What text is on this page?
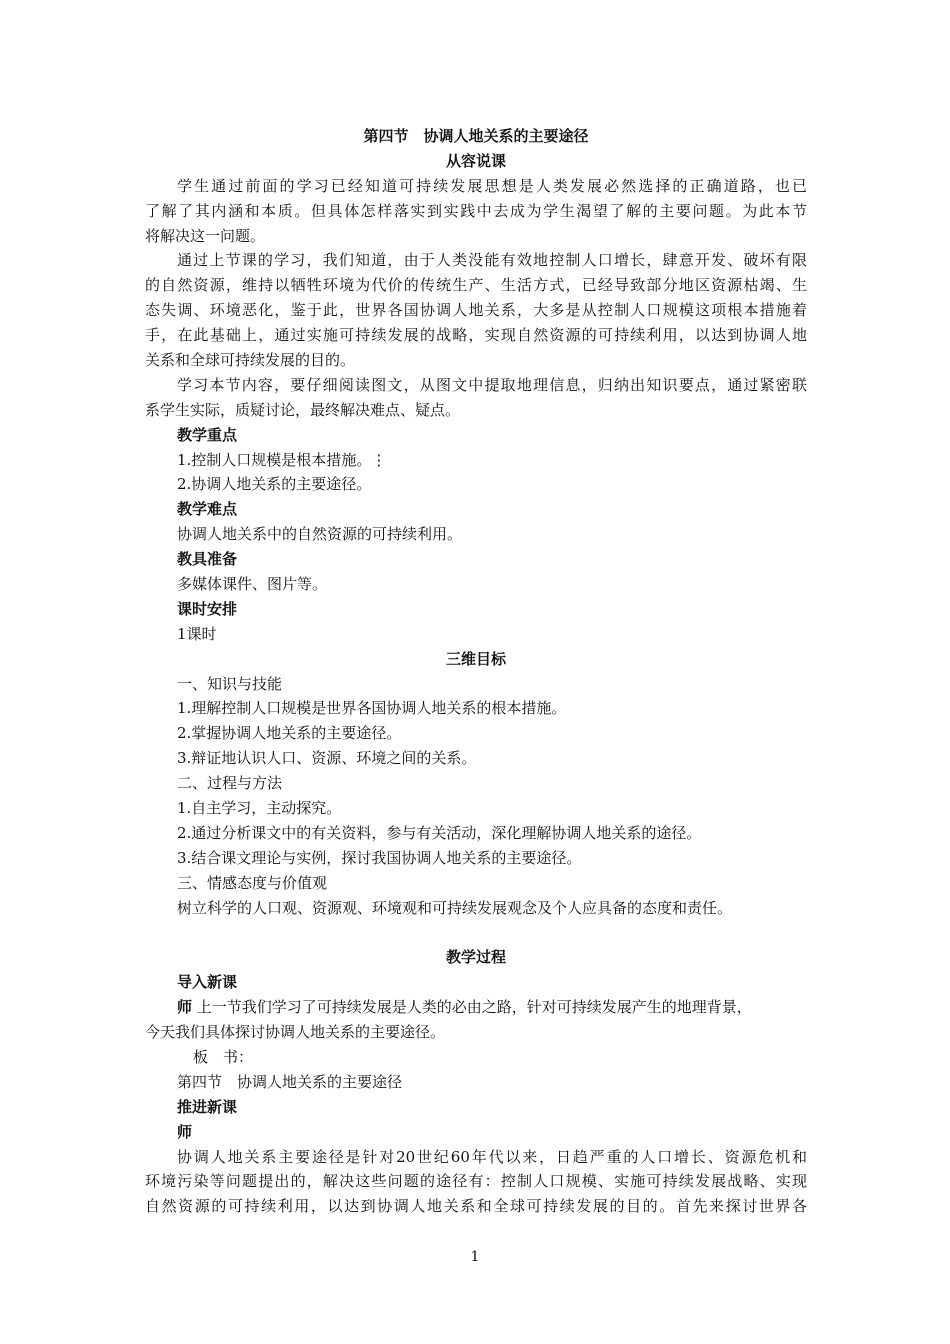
第四节　协调人地关系的主要途径
从容说课
学生通过前面的学习已经知道可持续发展思想是人类发展必然选择的正确道路，也已
了解了其内涵和本质。但具体怎样落实到实践中去成为学生渴望了解的主要问题。为此本节
将解决这一问题。
通过上节课的学习，我们知道，由于人类没能有效地控制人口增长，肆意开发、破坏有限
的自然资源，维持以牺牲环境为代价的传统生产、生活方式，已经导致部分地区资源枯竭、生
态失调、环境恶化，鉴于此，世界各国协调人地关系，大多是从控制人口规模这项根本措施着
手，在此基础上，通过实施可持续发展的战略，实现自然资源的可持续利用，以达到协调人地
关系和全球可持续发展的目的。
学习本节内容，要仔细阅读图文，从图文中提取地理信息，归纳出知识要点，通过紧密联
系学生实际，质疑讨论，最终解决难点、疑点。
教学重点
1.控制人口规模是根本措施。⋮
2.协调人地关系的主要途径。
教学难点
协调人地关系中的自然资源的可持续利用。
教具准备
多媒体课件、图片等。
课时安排
1课时
三维目标
一、知识与技能
1.理解控制人口规模是世界各国协调人地关系的根本措施。
2.掌握协调人地关系的主要途径。
3.辩证地认识人口、资源、环境之间的关系。
二、过程与方法
1.自主学习，主动探究。
2.通过分析课文中的有关资料，参与有关活动，深化理解协调人地关系的途径。
3.结合课文理论与实例，探讨我国协调人地关系的主要途径。
三、情感态度与价值观
树立科学的人口观、资源观、环境观和可持续发展观念及个人应具备的态度和责任。
教学过程
导入新课
师 上一节我们学习了可持续发展是人类的必由之路，针对可持续发展产生的地理背景，
今天我们具体探讨协调人地关系的主要途径。
板　书：
第四节　协调人地关系的主要途径
推进新课
师
协调人地关系主要途径是针对20世纪60年代以来，日趋严重的人口增长、资源危机和
环境污染等问题提出的，解决这些问题的途径有：控制人口规模、实施可持续发展战略、实现
自然资源的可持续利用，以达到协调人地关系和全球可持续发展的目的。首先来探讨世界各
1
